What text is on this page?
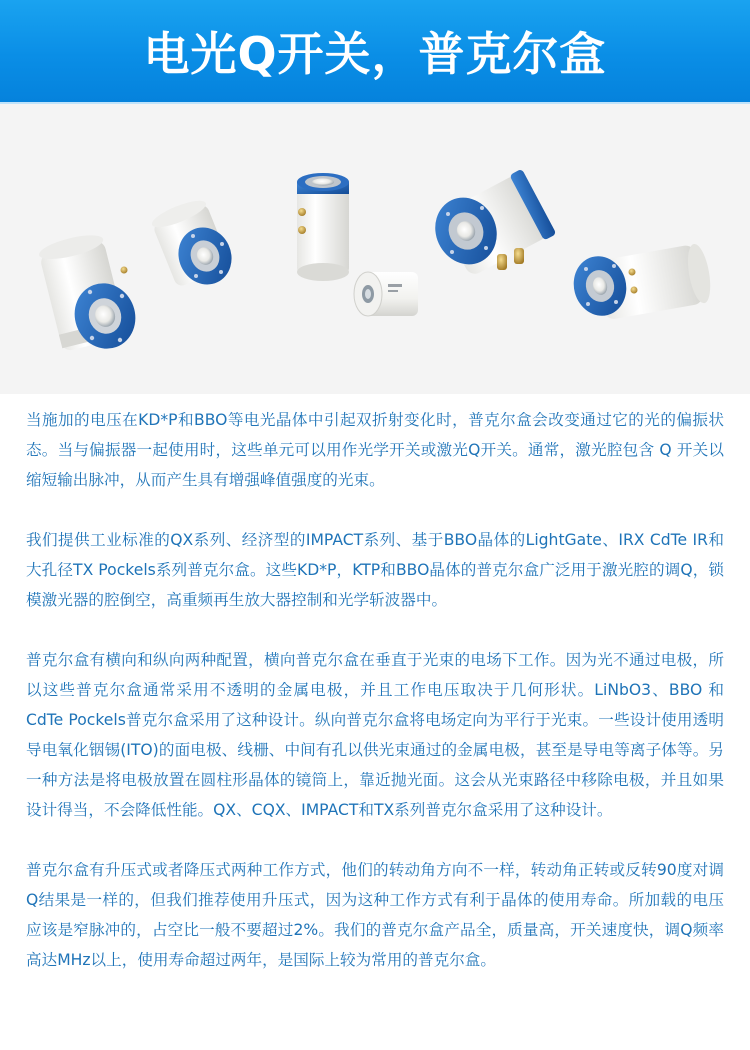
电光Q开关，普克尔盒

当施加的电压在KD*P和BBO等电光晶体中引起双折射变化时，普克尔盒会改变通过它的光的偏振状态。当与偏振器一起使用时，这些单元可以用作光学开关或激光Q开关。通常，激光腔包含 Q 开关以缩短输出脉冲，从而产生具有增强峰值强度的光束。

我们提供工业标准的QX系列、经济型的IMPACT系列、基于BBO晶体的LightGate、IRX CdTe IR和大孔径TX Pockels系列普克尔盒。这些KD*P，KTP和BBO晶体的普克尔盒广泛用于激光腔的调Q，锁模激光器的腔倒空，高重频再生放大器控制和光学斩波器中。

普克尔盒有横向和纵向两种配置，横向普克尔盒在垂直于光束的电场下工作。因为光不通过电极，所以这些普克尔盒通常采用不透明的金属电极，并且工作电压取决于几何形状。LiNbO3、BBO 和 CdTe Pockels普克尔盒采用了这种设计。纵向普克尔盒将电场定向为平行于光束。一些设计使用透明导电氧化铟锡(ITO)的面电极、线栅、中间有孔以供光束通过的金属电极，甚至是导电等离子体等。另一种方法是将电极放置在圆柱形晶体的镜筒上，靠近抛光面。这会从光束路径中移除电极，并且如果设计得当，不会降低性能。QX、CQX、IMPACT和TX系列普克尔盒采用了这种设计。

普克尔盒有升压式或者降压式两种工作方式，他们的转动角方向不一样，转动角正转或反转90度对调Q结果是一样的，但我们推荐使用升压式，因为这种工作方式有利于晶体的使用寿命。所加载的电压应该是窄脉冲的，占空比一般不要超过2%。我们的普克尔盒产品全，质量高，开关速度快，调Q频率高达MHz以上，使用寿命超过两年，是国际上较为常用的普克尔盒。
